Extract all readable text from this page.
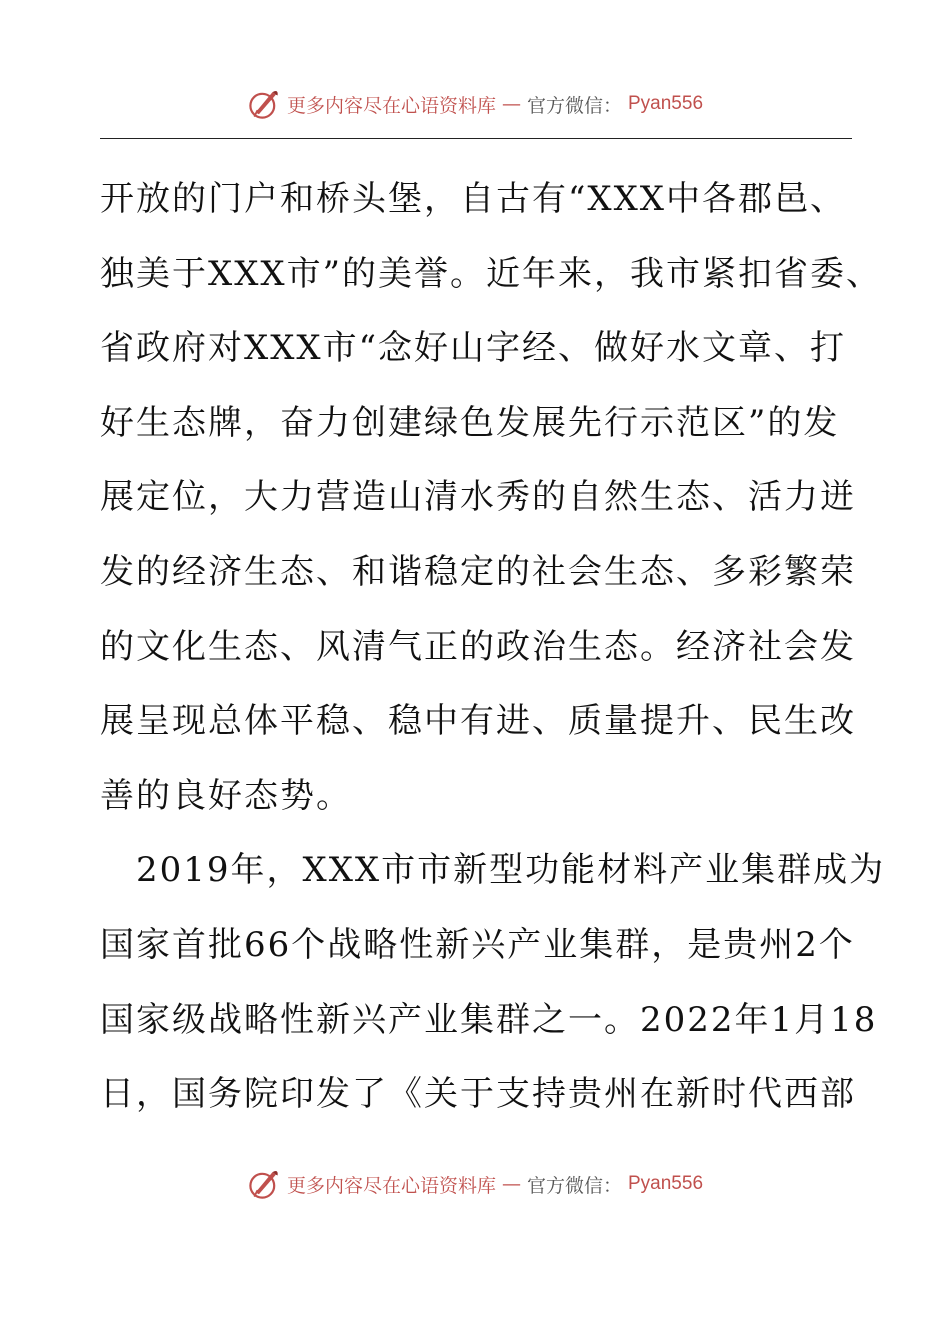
更多内容尽在心语资料库 — 官方微信： Pyan556
开放的门户和桥头堡，自古有“XXX中各郡邑、
独美于XXX市”的美誉。近年来，我市紧扣省委、
省政府对XXX市“念好山字经、做好水文章、打
好生态牌，奋力创建绿色发展先行示范区”的发
展定位，大力营造山清水秀的自然生态、活力迸
发的经济生态、和谐稳定的社会生态、多彩繁荣
的文化生态、风清气正的政治生态。经济社会发
展呈现总体平稳、稳中有进、质量提升、民生改
善的良好态势。
　2019年，XXX市市新型功能材料产业集群成为
国家首批66个战略性新兴产业集群，是贵州2个
国家级战略性新兴产业集群之一。2022年1月18
日，国务院印发了《关于支持贵州在新时代西部
更多内容尽在心语资料库 — 官方微信： Pyan556
